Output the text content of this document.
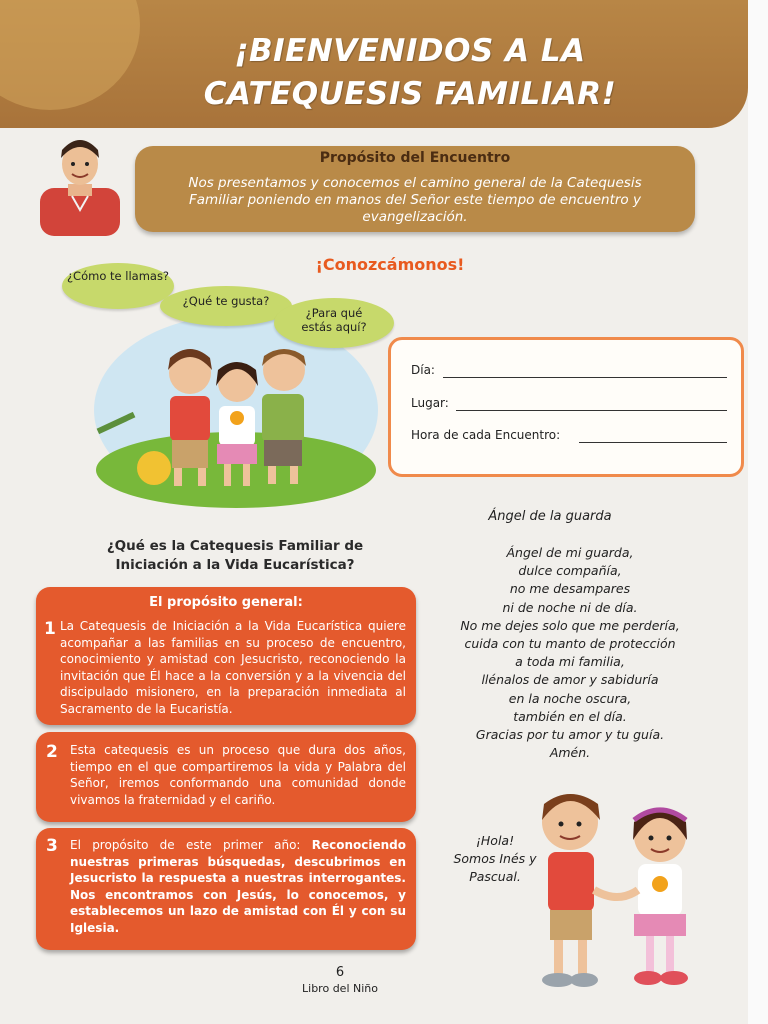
¡BIENVENIDOS A LA
CATEQUESIS FAMILIAR!
Propósito del Encuentro
Nos presentamos y conocemos el camino general de la Catequesis Familiar poniendo en manos del Señor este tiempo de encuentro y evangelización.
¡Conozcámonos!
¿Cómo te llamas?
¿Qué te gusta?
¿Para qué estás aquí?
Día:
Lugar:
Hora de cada Encuentro:
¿Qué es la Catequesis Familiar de Iniciación a la Vida Eucarística?
El propósito general:
1 La Catequesis de Iniciación a la Vida Eucarística quiere acompañar a las familias en su proceso de encuentro, conocimiento y amistad con Jesucristo, reconociendo la invitación que Él hace a la conversión y a la vivencia del discipulado misionero, en la preparación inmediata al Sacramento de la Eucaristía.
2 Esta catequesis es un proceso que dura dos años, tiempo en el que compartiremos la vida y Palabra del Señor, iremos conformando una comunidad donde vivamos la fraternidad y el cariño.
3 El propósito de este primer año: Reconociendo nuestras primeras búsquedas, descubrimos en Jesucristo la respuesta a nuestras interrogantes. Nos encontramos con Jesús, lo conocemos, y establecemos un lazo de amistad con Él y con su Iglesia.
Ángel de la guarda
Ángel de mi guarda,
dulce compañía,
no me desampares
ni de noche ni de día.
No me dejes solo que me perdería,
cuida con tu manto de protección
a toda mi familia,
llénalos de amor y sabiduría
en la noche oscura,
también en el día.
Gracias por tu amor y tu guía.
Amén.
¡Hola!
Somos Inés y
Pascual.
6
Libro del Niño
